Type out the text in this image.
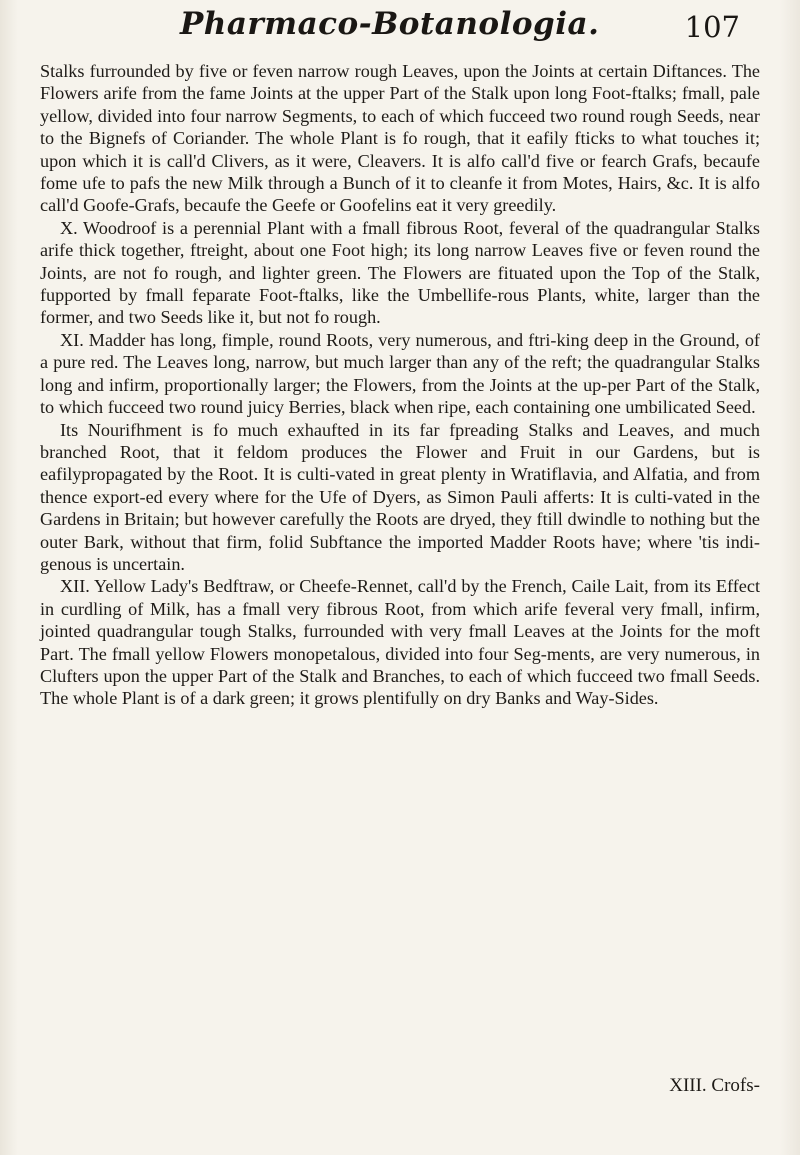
Pharmaco-Botanologia.	107

Stalks furrounded by five or feven narrow rough Leaves, upon the Joints at certain Diftances. The Flowers arife from the fame Joints at the upper Part of the Stalk upon long Foot-ftalks; fmall, pale yellow, divided into four narrow Segments, to each of which fucceed two round rough Seeds, near to the Bignefs of Coriander. The whole Plant is fo rough, that it eafily fticks to what touches it; upon which it is call'd Clivers, as it were, Cleavers. It is alfo call'd five or fearch Grafs, becaufe fome ufe to pafs the new Milk through a Bunch of it to cleanfe it from Motes, Hairs, &c. It is alfo call'd Goofe-Grafs, becaufe the Geefe or Goofelins eat it very greedily.

X. Woodroof is a perennial Plant with a fmall fibrous Root, feveral of the quadrangular Stalks arife thick together, ftreight, about one Foot high; its long narrow Leaves five or feven round the Joints, are not fo rough, and lighter green. The Flowers are fituated upon the Top of the Stalk, fupported by fmall feparate Foot-ftalks, like the Umbellife-rous Plants, white, larger than the former, and two Seeds like it, but not fo rough.

XI. Madder has long, fimple, round Roots, very numerous, and ftri-king deep in the Ground, of a pure red. The Leaves long, narrow, but much larger than any of the reft; the quadrangular Stalks long and infirm, proportionally larger; the Flowers, from the Joints at the up-per Part of the Stalk, to which fucceed two round juicy Berries, black when ripe, each containing one umbilicated Seed.

Its Nourifhment is fo much exhaufted in its far fpreading Stalks and Leaves, and much branched Root, that it feldom produces the Flower and Fruit in our Gardens, but is eafilypropagated by the Root. It is culti-vated in great plenty in Wratiflavia, and Alfatia, and from thence export-ed every where for the Ufe of Dyers, as Simon Pauli afferts: It is culti-vated in the Gardens in Britain; but however carefully the Roots are dryed, they ftill dwindle to nothing but the outer Bark, without that firm, folid Subftance the imported Madder Roots have; where 'tis indi-genous is uncertain.

XII. Yellow Lady's Bedftraw, or Cheefe-Rennet, call'd by the French, Caile Lait, from its Effect in curdling of Milk, has a fmall very fibrous Root, from which arife feveral very fmall, infirm, jointed quadrangular tough Stalks, furrounded with very fmall Leaves at the Joints for the moft Part. The fmall yellow Flowers monopetalous, divided into four Seg-ments, are very numerous, in Clufters upon the upper Part of the Stalk and Branches, to each of which fucceed two fmall Seeds. The whole Plant is of a dark green; it grows plentifully on dry Banks and Way-Sides.

XIII. Crofs-
